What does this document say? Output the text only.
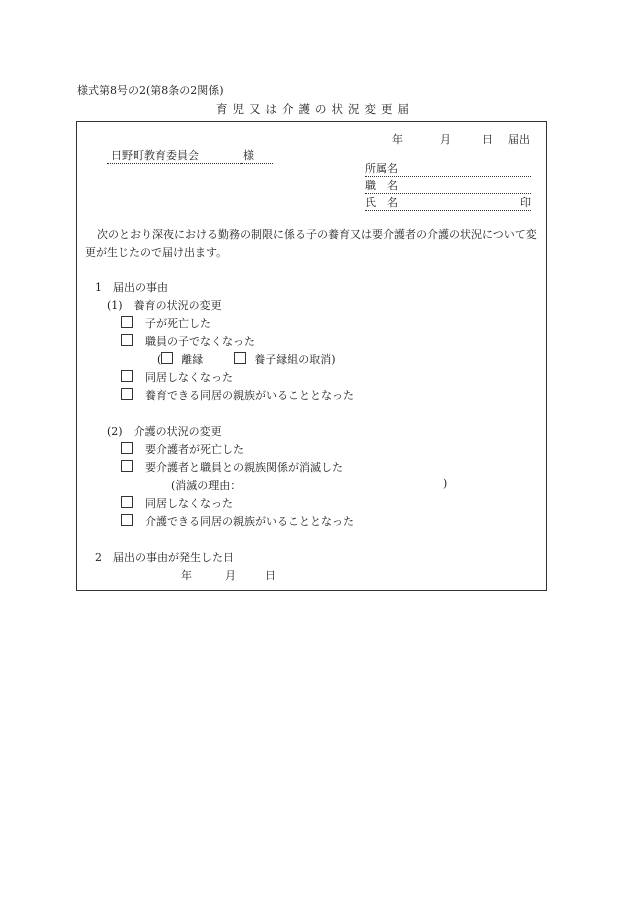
様式第8号の2(第8条の2関係)
育児又は介護の状況変更届
年	月	日 届出
日野町教育委員会	様
所属名
職　名
氏　名	印
次のとおり深夜における勤務の制限に係る子の養育又は要介護者の介護の状況について変更が生じたので届け出ます。
1　届出の事由
(1)　養育の状況の変更
子が死亡した
職員の子でなくなった
( 離縁	養子縁組の取消)
同居しなくなった
養育できる同居の親族がいることとなった
(2)　介護の状況の変更
要介護者が死亡した
要介護者と職員との親族関係が消滅した
(消滅の理由：	)
同居しなくなった
介護できる同居の親族がいることとなった
2　届出の事由が発生した日
年	月	日
